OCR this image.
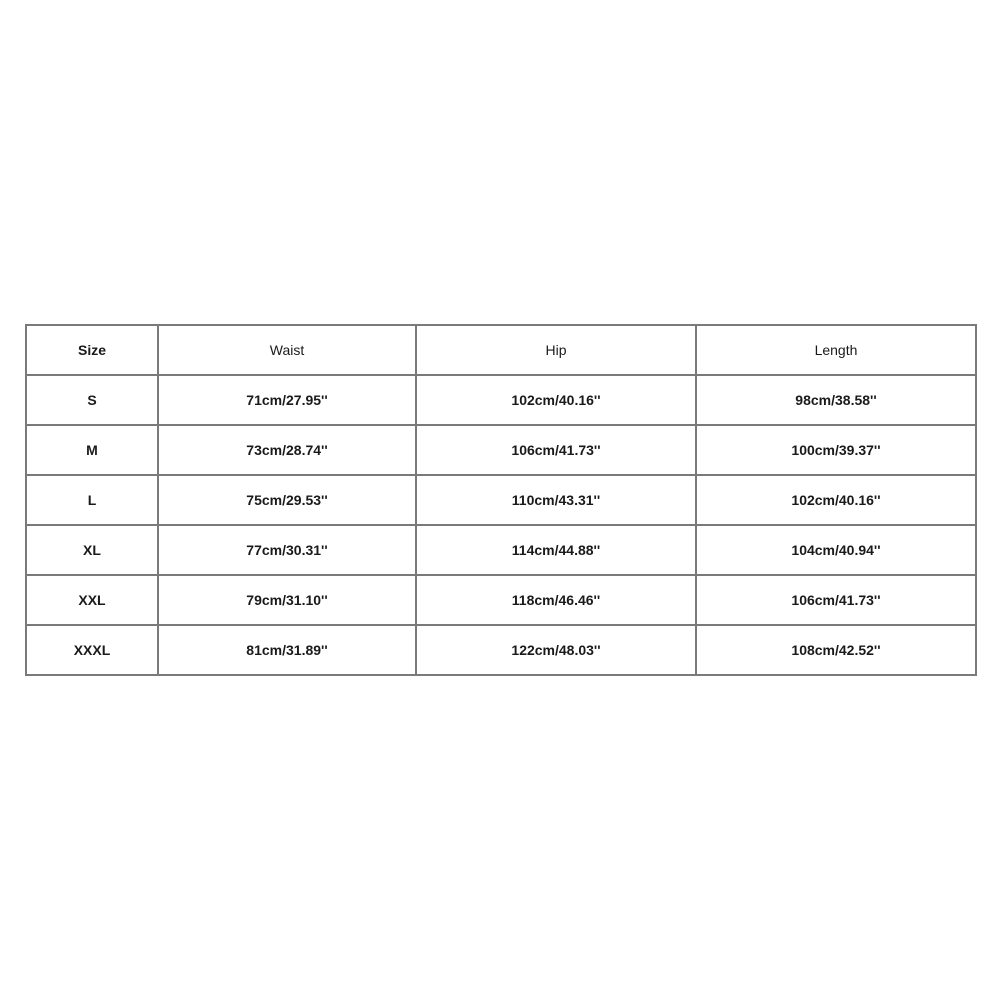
Size	Waist	Hip	Length
S	71cm/27.95''	102cm/40.16''	98cm/38.58''
M	73cm/28.74''	106cm/41.73''	100cm/39.37''
L	75cm/29.53''	110cm/43.31''	102cm/40.16''
XL	77cm/30.31''	114cm/44.88''	104cm/40.94''
XXL	79cm/31.10''	118cm/46.46''	106cm/41.73''
XXXL	81cm/31.89''	122cm/48.03''	108cm/42.52''
